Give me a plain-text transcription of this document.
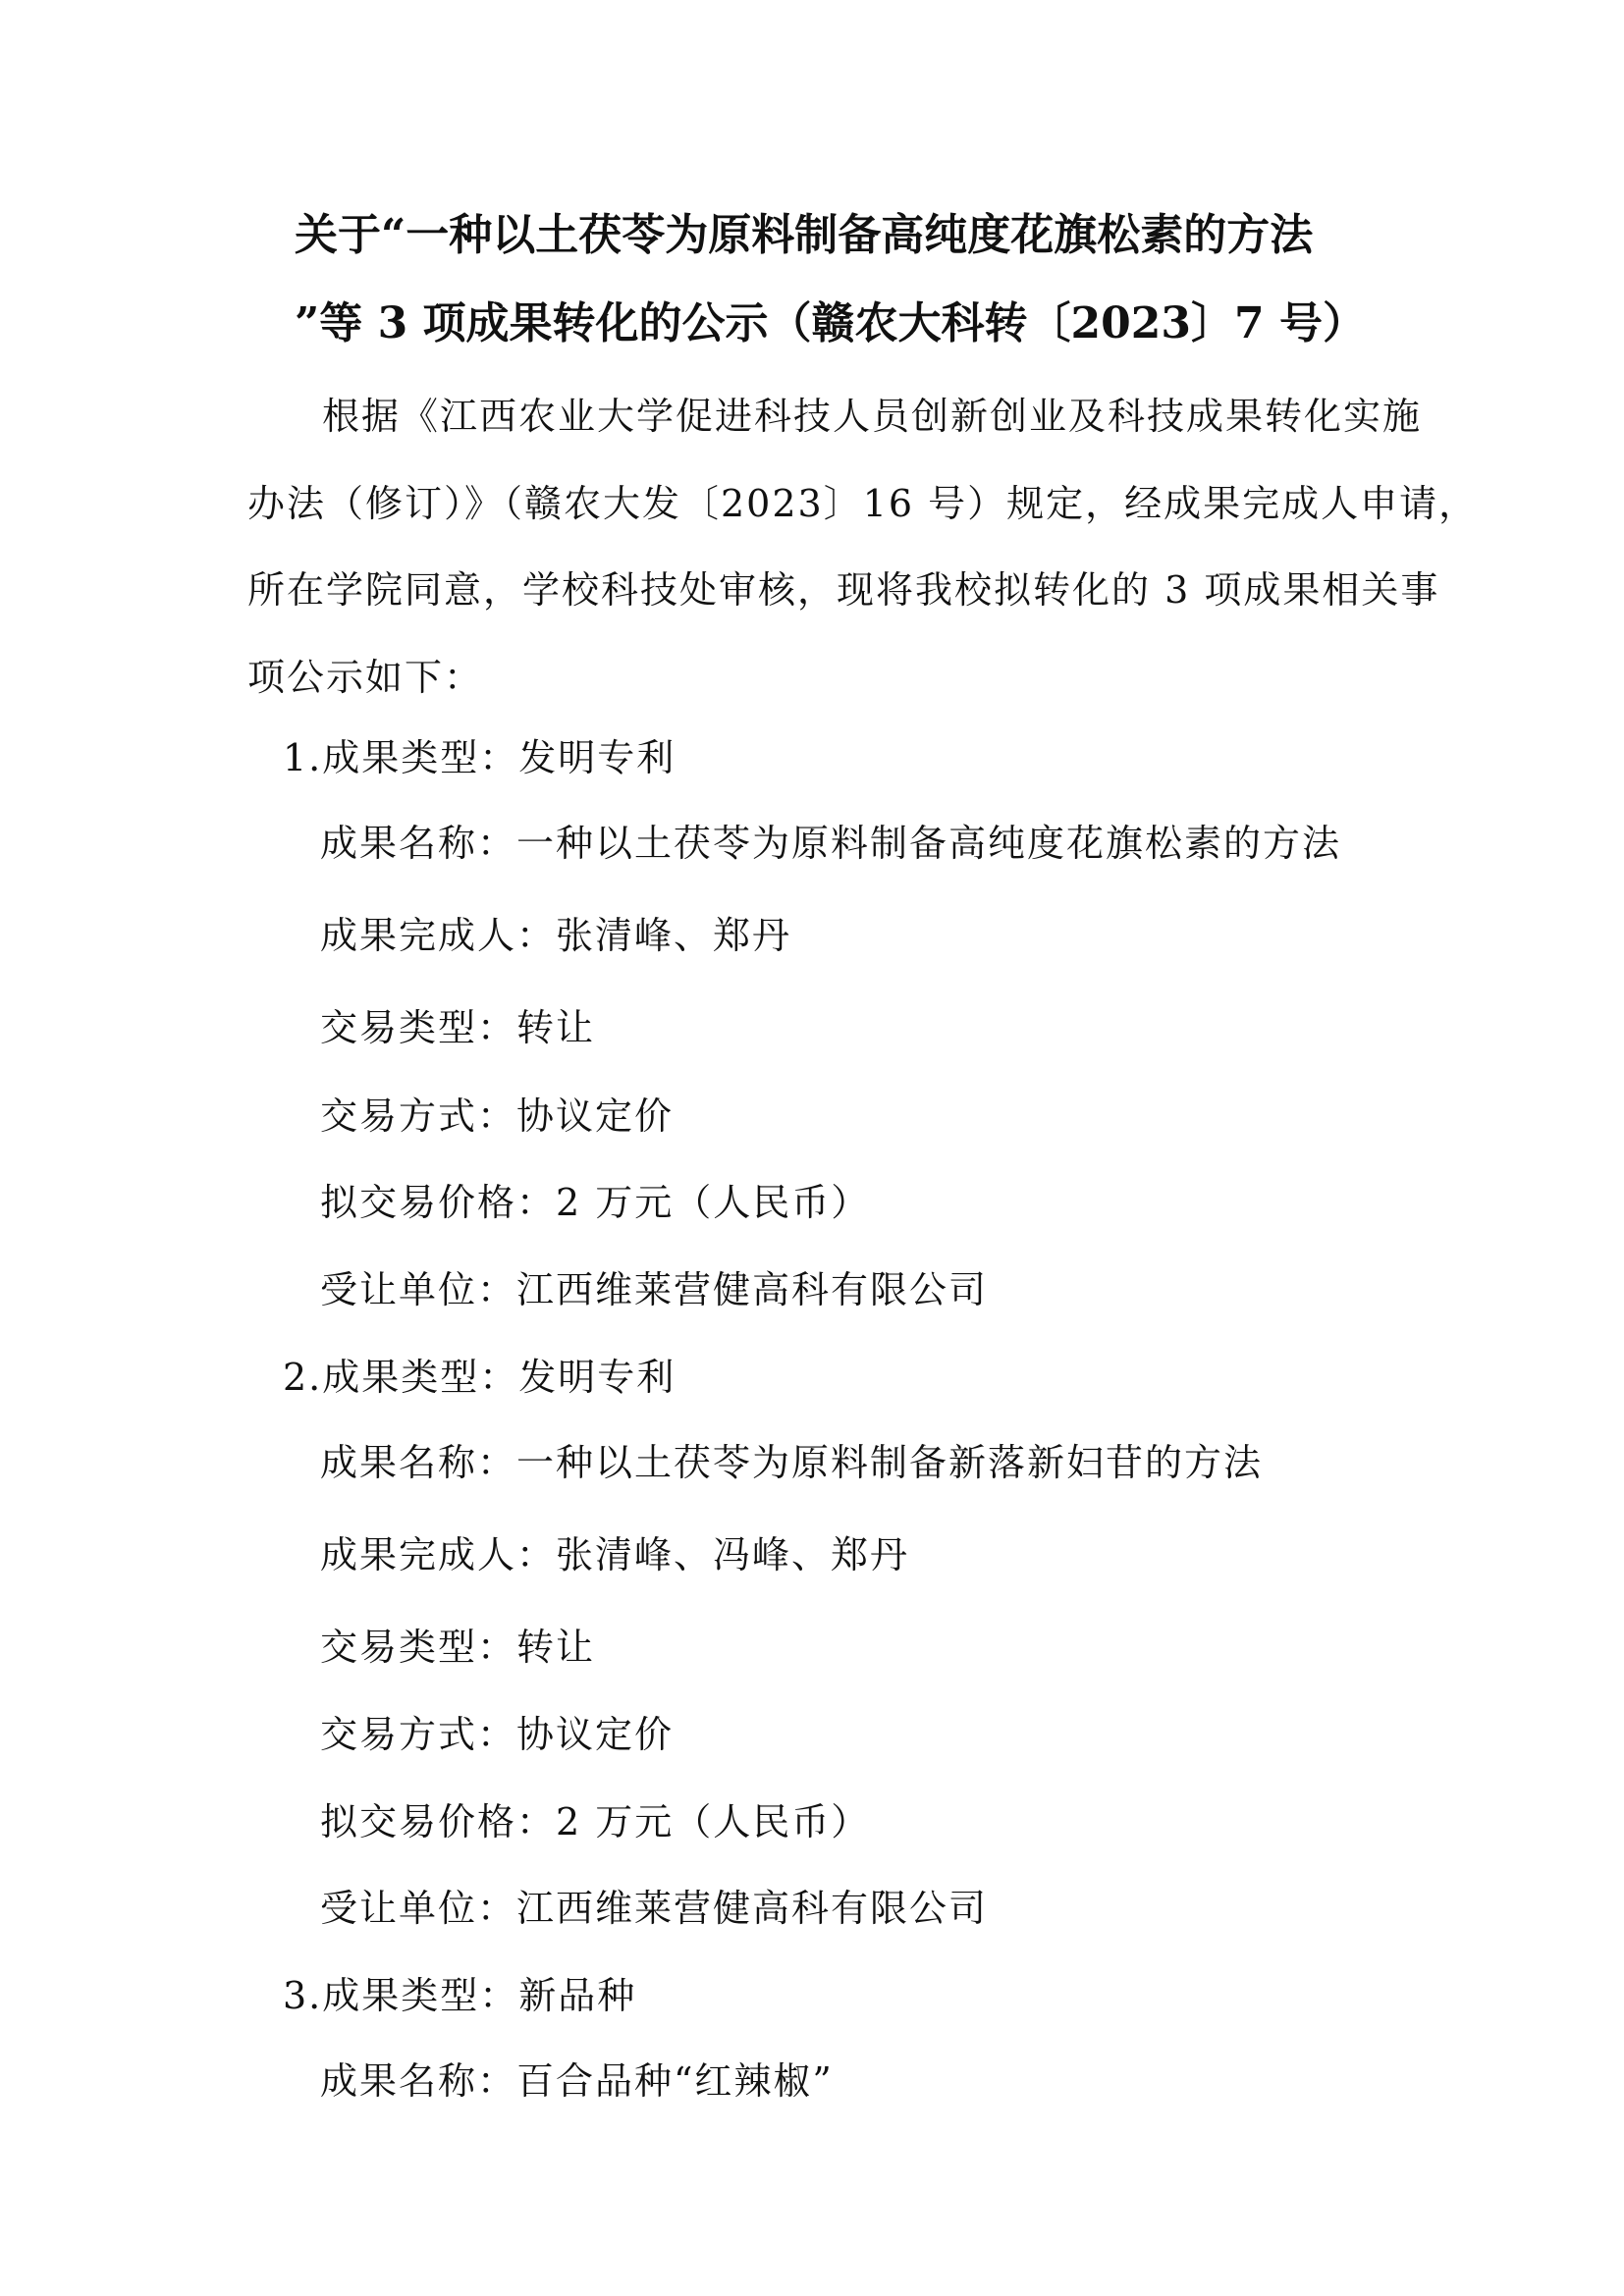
关于“一种以土茯苓为原料制备高纯度花旗松素的方法
”等 3 项成果转化的公示（赣农大科转〔2023〕7 号）
根据《江西农业大学促进科技人员创新创业及科技成果转化实施
办法（修订）》（赣农大发〔2023〕16 号）规定，经成果完成人申请，
所在学院同意，学校科技处审核，现将我校拟转化的 3 项成果相关事
项公示如下：
1.成果类型：发明专利
成果名称：一种以土茯苓为原料制备高纯度花旗松素的方法
成果完成人：张清峰、郑丹
交易类型：转让
交易方式：协议定价
拟交易价格：2 万元（人民币）
受让单位：江西维莱营健高科有限公司
2.成果类型：发明专利
成果名称：一种以土茯苓为原料制备新落新妇苷的方法
成果完成人：张清峰、冯峰、郑丹
交易类型：转让
交易方式：协议定价
拟交易价格：2 万元（人民币）
受让单位：江西维莱营健高科有限公司
3.成果类型：新品种
成果名称：百合品种“红辣椒”
